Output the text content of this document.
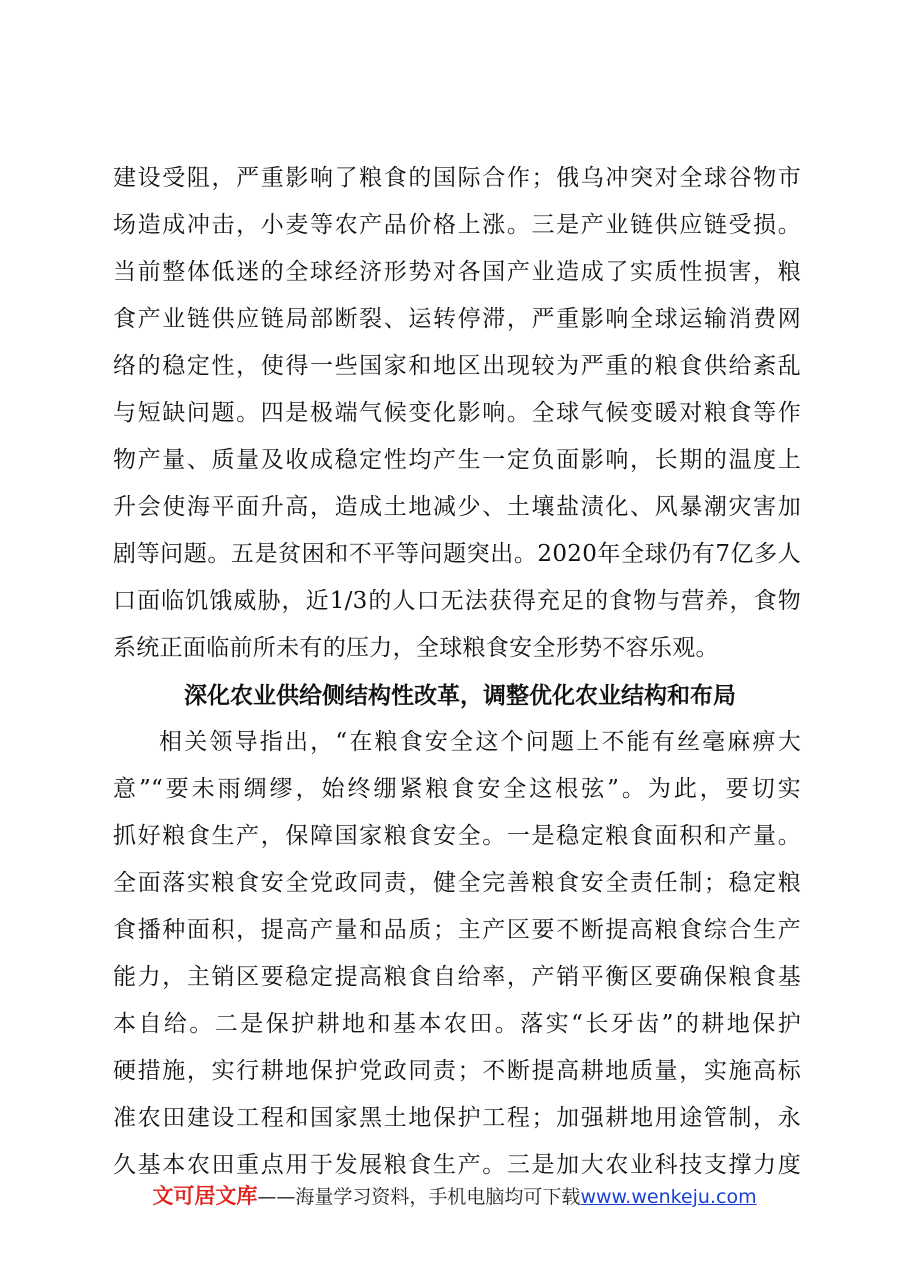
建设受阻，严重影响了粮食的国际合作；俄乌冲突对全球谷物市
场造成冲击，小麦等农产品价格上涨。三是产业链供应链受损。
当前整体低迷的全球经济形势对各国产业造成了实质性损害，粮
食产业链供应链局部断裂、运转停滞，严重影响全球运输消费网
络的稳定性，使得一些国家和地区出现较为严重的粮食供给紊乱
与短缺问题。四是极端气候变化影响。全球气候变暖对粮食等作
物产量、质量及收成稳定性均产生一定负面影响，长期的温度上
升会使海平面升高，造成土地减少、土壤盐渍化、风暴潮灾害加
剧等问题。五是贫困和不平等问题突出。2020年全球仍有7亿多人
口面临饥饿威胁，近1/3的人口无法获得充足的食物与营养，食物
系统正面临前所未有的压力，全球粮食安全形势不容乐观。
深化农业供给侧结构性改革，调整优化农业结构和布局
相关领导指出，“在粮食安全这个问题上不能有丝毫麻痹大
意”“要未雨绸缪，始终绷紧粮食安全这根弦”。为此，要切实
抓好粮食生产，保障国家粮食安全。一是稳定粮食面积和产量。
全面落实粮食安全党政同责，健全完善粮食安全责任制；稳定粮
食播种面积，提高产量和品质；主产区要不断提高粮食综合生产
能力，主销区要稳定提高粮食自给率，产销平衡区要确保粮食基
本自给。二是保护耕地和基本农田。落实“长牙齿”的耕地保护
硬措施，实行耕地保护党政同责；不断提高耕地质量，实施高标
准农田建设工程和国家黑土地保护工程；加强耕地用途管制，永
久基本农田重点用于发展粮食生产。三是加大农业科技支撑力度
文可居文库——海量学习资料，手机电脑均可下载www.wenkeju.com
